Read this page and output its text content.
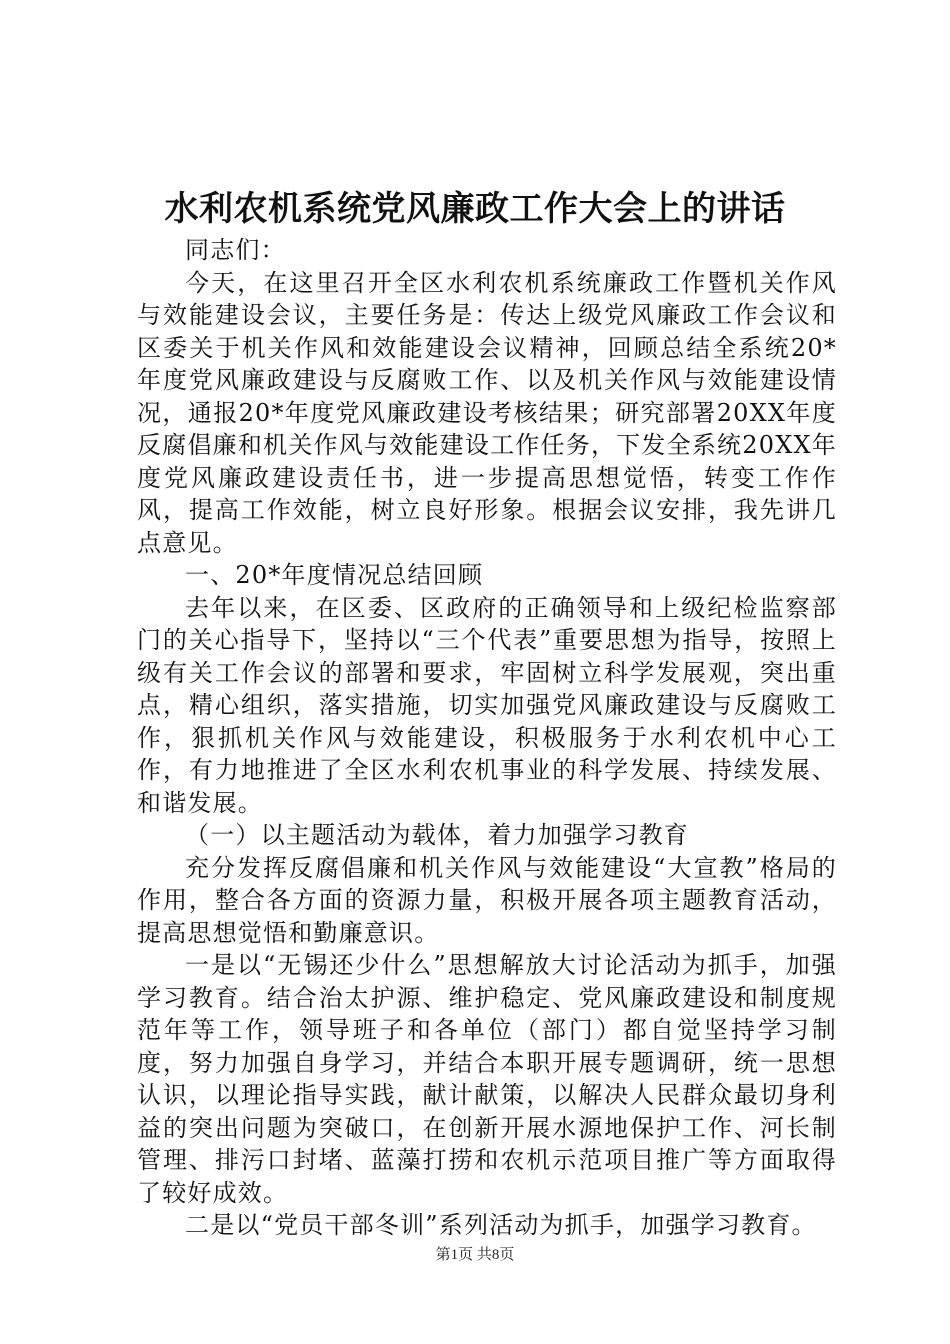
水利农机系统党风廉政工作大会上的讲话

同志们：

今天，在这里召开全区水利农机系统廉政工作暨机关作风与效能建设会议，主要任务是：传达上级党风廉政工作会议和区委关于机关作风和效能建设会议精神，回顾总结全系统20*年度党风廉政建设与反腐败工作、以及机关作风与效能建设情况，通报20*年度党风廉政建设考核结果；研究部署20XX年度反腐倡廉和机关作风与效能建设工作任务，下发全系统20XX年度党风廉政建设责任书，进一步提高思想觉悟，转变工作作风，提高工作效能，树立良好形象。根据会议安排，我先讲几点意见。

一、20*年度情况总结回顾

去年以来，在区委、区政府的正确领导和上级纪检监察部门的关心指导下，坚持以“三个代表”重要思想为指导，按照上级有关工作会议的部署和要求，牢固树立科学发展观，突出重点，精心组织，落实措施，切实加强党风廉政建设与反腐败工作，狠抓机关作风与效能建设，积极服务于水利农机中心工作，有力地推进了全区水利农机事业的科学发展、持续发展、和谐发展。

（一）以主题活动为载体，着力加强学习教育

充分发挥反腐倡廉和机关作风与效能建设“大宣教”格局的作用，整合各方面的资源力量，积极开展各项主题教育活动，提高思想觉悟和勤廉意识。

一是以“无锡还少什么”思想解放大讨论活动为抓手，加强学习教育。结合治太护源、维护稳定、党风廉政建设和制度规范年等工作，领导班子和各单位（部门）都自觉坚持学习制度，努力加强自身学习，并结合本职开展专题调研，统一思想认识，以理论指导实践，献计献策，以解决人民群众最切身利益的突出问题为突破口，在创新开展水源地保护工作、河长制管理、排污口封堵、蓝藻打捞和农机示范项目推广等方面取得了较好成效。

二是以“党员干部冬训”系列活动为抓手，加强学习教育。

第1页 共8页
